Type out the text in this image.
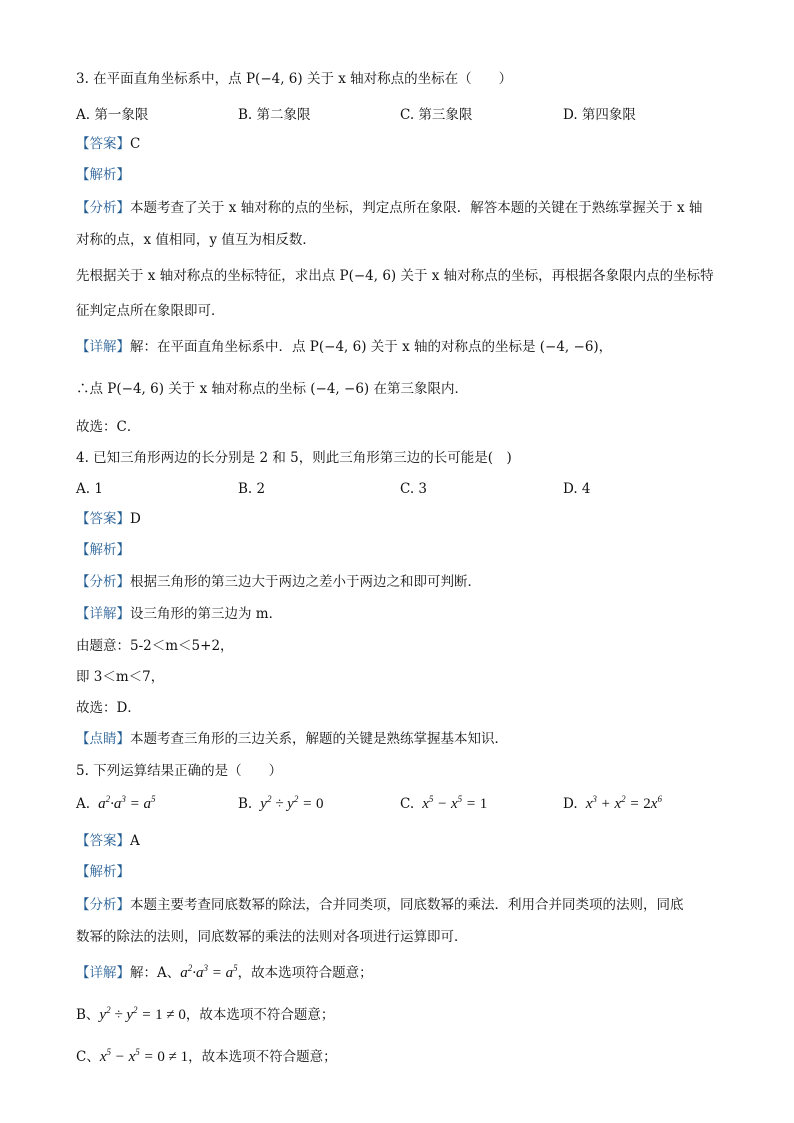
3. 在平面直角坐标系中，点 P(−4, 6) 关于 x 轴对称点的坐标在（　　）
A. 第一象限	B. 第二象限	C. 第三象限	D. 第四象限
【答案】C
【解析】
【分析】本题考查了关于 x 轴对称的点的坐标，判定点所在象限．解答本题的关键在于熟练掌握关于 x 轴
对称的点，x 值相同，y 值互为相反数．
先根据关于 x 轴对称点的坐标特征，求出点 P(−4, 6) 关于 x 轴对称点的坐标，再根据各象限内点的坐标特
征判定点所在象限即可．
【详解】解：在平面直角坐标系中．点 P(−4, 6) 关于 x 轴的对称点的坐标是 (−4, −6)，
∴点 P(−4, 6) 关于 x 轴对称点的坐标 (−4, −6) 在第三象限内．
故选：C．
4. 已知三角形两边的长分别是 2 和 5，则此三角形第三边的长可能是(　)
A. 1	B. 2	C. 3	D. 4
【答案】D
【解析】
【分析】根据三角形的第三边大于两边之差小于两边之和即可判断．
【详解】设三角形的第三边为 m．
由题意：5-2＜m＜5+2，
即 3＜m＜7，
故选：D．
【点睛】本题考查三角形的三边关系，解题的关键是熟练掌握基本知识．
5. 下列运算结果正确的是（　　）
A.  $a^2\cdot a^3 = a^5$	B.  $y^2 \div y^2 = 0$	C.  $x^5 - x^5 = 1$	D.  $x^3 + x^2 = 2x^6$
【答案】A
【解析】
【分析】本题主要考查同底数幂的除法，合并同类项，同底数幂的乘法．利用合并同类项的法则，同底
数幂的除法的法则，同底数幂的乘法的法则对各项进行运算即可．
【详解】解：A、$a^2\cdot a^3 = a^5$，故本选项符合题意；
B、$y^2 \div y^2 = 1 \ne 0$，故本选项不符合题意；
C、$x^5 - x^5 = 0 \ne 1$，故本选项不符合题意；
